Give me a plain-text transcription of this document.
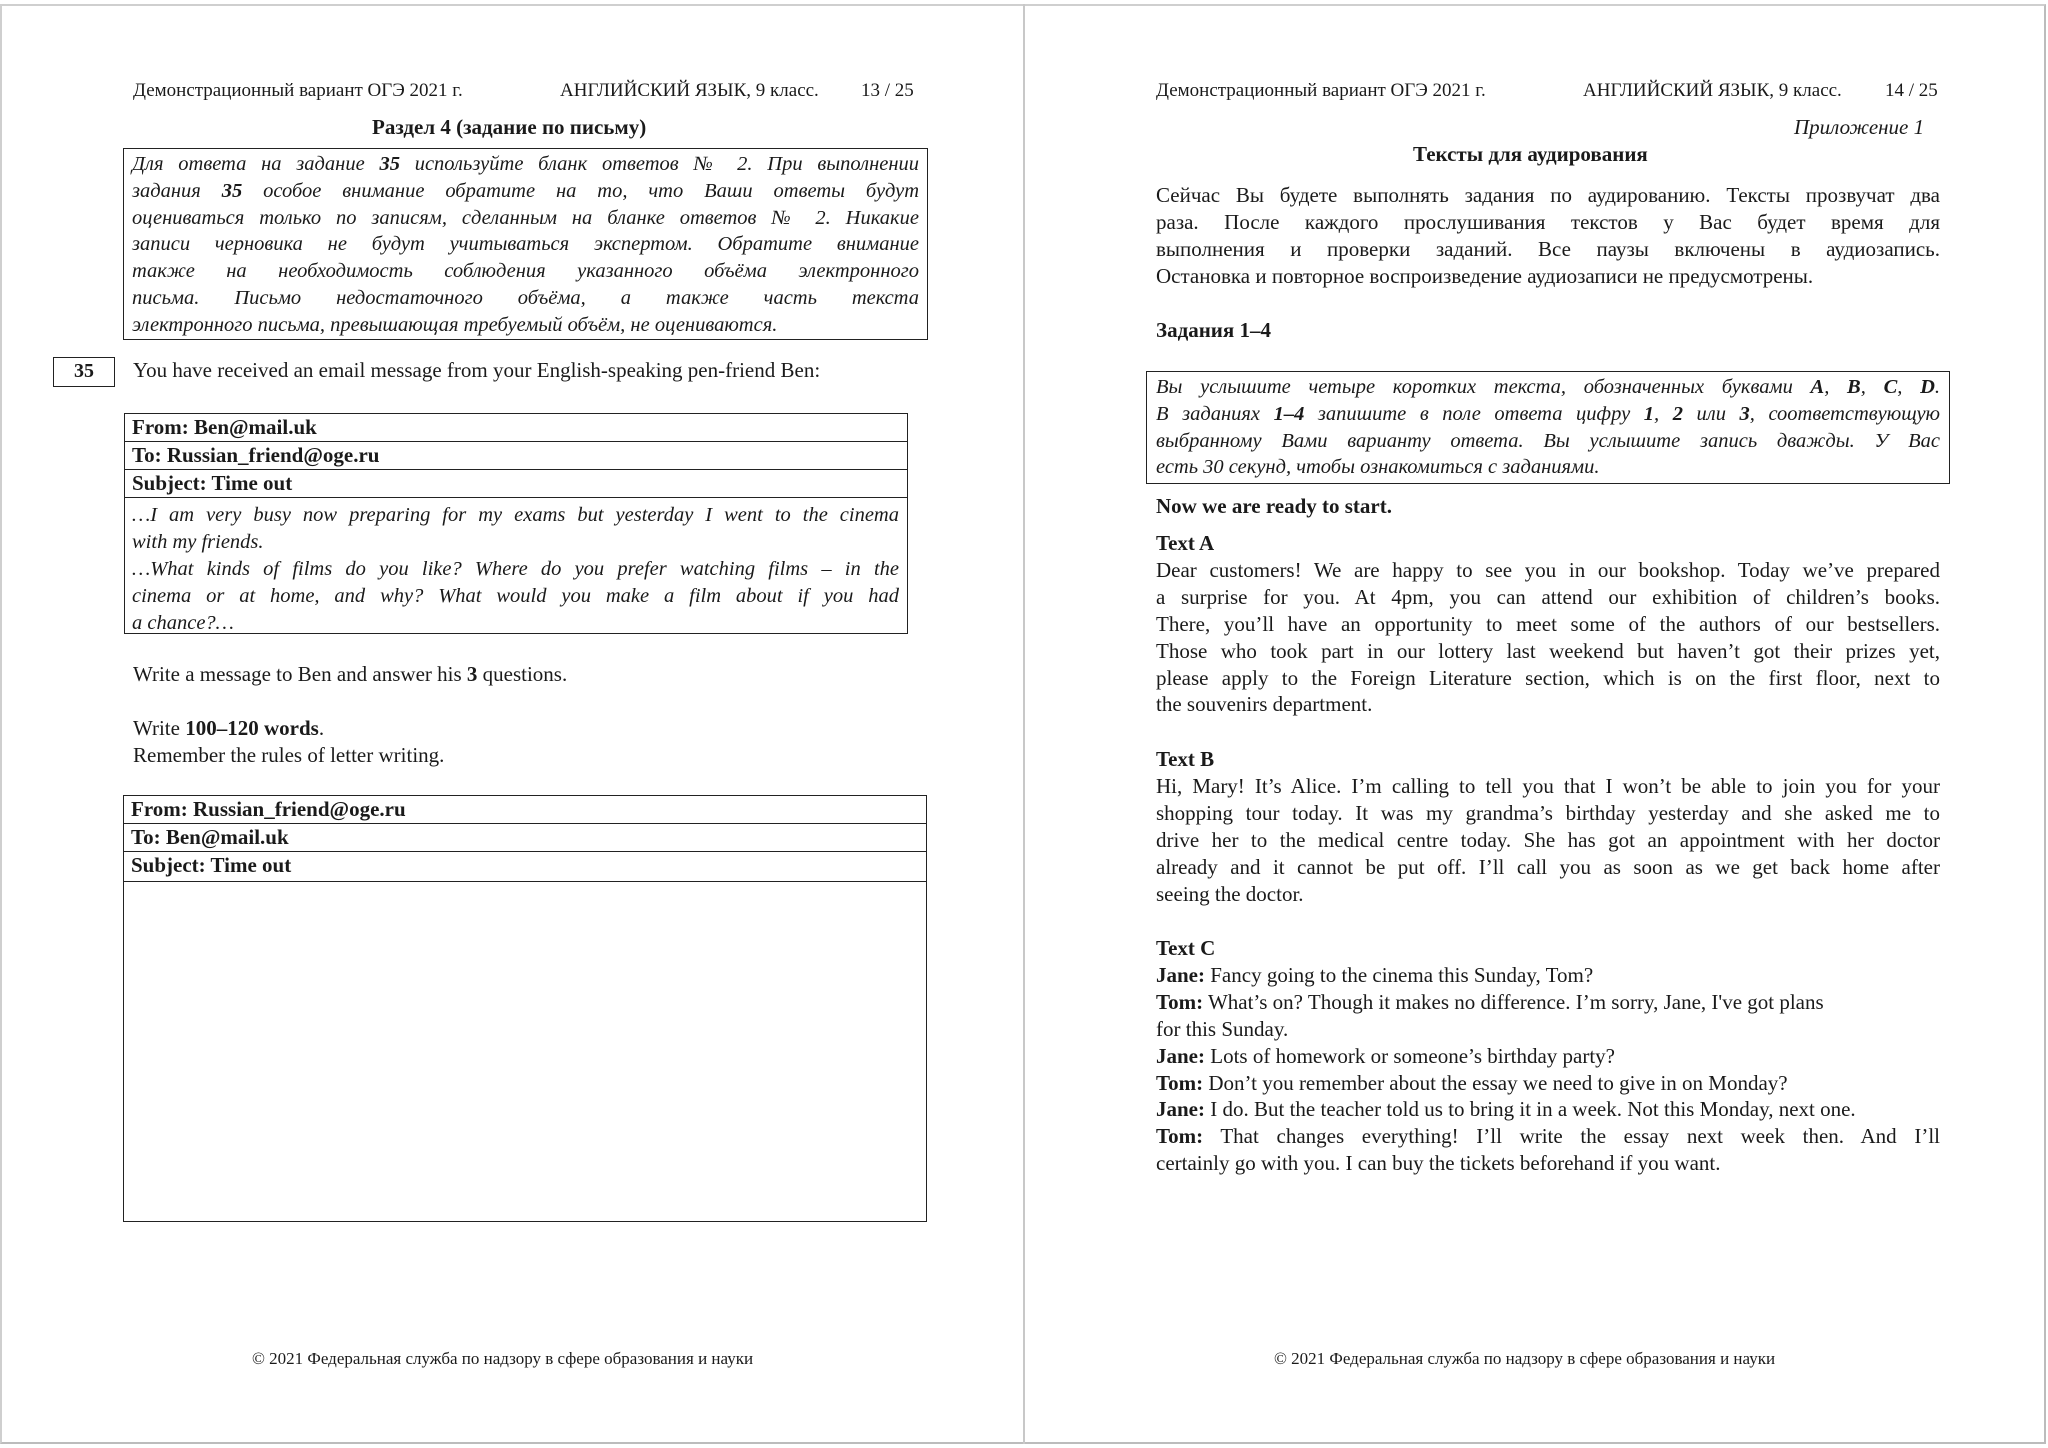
Демонстрационный вариант ОГЭ 2021 г.	АНГЛИЙСКИЙ ЯЗЫК, 9 класс. 13 / 25
Раздел 4 (задание по письму)
Для ответа на задание 35 используйте бланк ответов № 2. При выполнении
задания 35 особое внимание обратите на то, что Ваши ответы будут
оцениваться только по записям, сделанным на бланке ответов № 2. Никакие
записи черновика не будут учитываться экспертом. Обратите внимание
также на необходимость соблюдения указанного объёма электронного
письма. Письмо недостаточного объёма, а также часть текста
электронного письма, превышающая требуемый объём, не оцениваются.
35	You have received an email message from your English-speaking pen-friend Ben:
From: Ben@mail.uk
To: Russian_friend@oge.ru
Subject: Time out
…I am very busy now preparing for my exams but yesterday I went to the cinema
with my friends.
…What kinds of films do you like? Where do you prefer watching films – in the
cinema or at home, and why? What would you make a film about if you had
a chance?…
Write a message to Ben and answer his 3 questions.
Write 100–120 words.
Remember the rules of letter writing.
From: Russian_friend@oge.ru
To: Ben@mail.uk
Subject: Time out
© 2021 Федеральная служба по надзору в сфере образования и науки
Демонстрационный вариант ОГЭ 2021 г.	АНГЛИЙСКИЙ ЯЗЫК, 9 класс. 14 / 25
Приложение 1
Тексты для аудирования
Сейчас Вы будете выполнять задания по аудированию. Тексты прозвучат два
раза. После каждого прослушивания текстов у Вас будет время для
выполнения и проверки заданий. Все паузы включены в аудиозапись.
Остановка и повторное воспроизведение аудиозаписи не предусмотрены.
Задания 1–4
Вы услышите четыре коротких текста, обозначенных буквами A, B, C, D.
В заданиях 1–4 запишите в поле ответа цифру 1, 2 или 3, соответствующую
выбранному Вами варианту ответа. Вы услышите запись дважды. У Вас
есть 30 секунд, чтобы ознакомиться с заданиями.
Now we are ready to start.
Text A
Dear customers! We are happy to see you in our bookshop. Today we’ve prepared
a surprise for you. At 4pm, you can attend our exhibition of children’s books.
There, you’ll have an opportunity to meet some of the authors of our bestsellers.
Those who took part in our lottery last weekend but haven’t got their prizes yet,
please apply to the Foreign Literature section, which is on the first floor, next to
the souvenirs department.
Text B
Hi, Mary! It’s Alice. I’m calling to tell you that I won’t be able to join you for your
shopping tour today. It was my grandma’s birthday yesterday and she asked me to
drive her to the medical centre today. She has got an appointment with her doctor
already and it cannot be put off. I’ll call you as soon as we get back home after
seeing the doctor.
Text C
Jane: Fancy going to the cinema this Sunday, Tom?
Tom: What’s on? Though it makes no difference. I’m sorry, Jane, I've got plans
for this Sunday.
Jane: Lots of homework or someone’s birthday party?
Tom: Don’t you remember about the essay we need to give in on Monday?
Jane: I do. But the teacher told us to bring it in a week. Not this Monday, next one.
Tom: That changes everything! I’ll write the essay next week then. And I’ll
certainly go with you. I can buy the tickets beforehand if you want.
© 2021 Федеральная служба по надзору в сфере образования и науки
